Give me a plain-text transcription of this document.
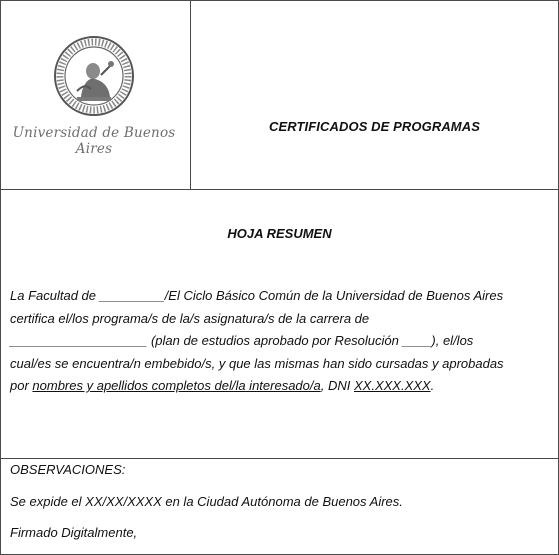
Universidad de Buenos Aires
CERTIFICADOS DE PROGRAMAS
HOJA RESUMEN
La Facultad de _________/El Ciclo Básico Común de la Universidad de Buenos Aires
certifica el/los programa/s de la/s asignatura/s de la carrera de
___________________ (plan de estudios aprobado por Resolución ____), el/los
cual/es se encuentra/n embebido/s, y que las mismas han sido cursadas y aprobadas
por nombres y apellidos completos del/la interesado/a, DNI XX.XXX.XXX.
OBSERVACIONES:
Se expide el XX/XX/XXXX en la Ciudad Autónoma de Buenos Aires.
Firmado Digitalmente,
